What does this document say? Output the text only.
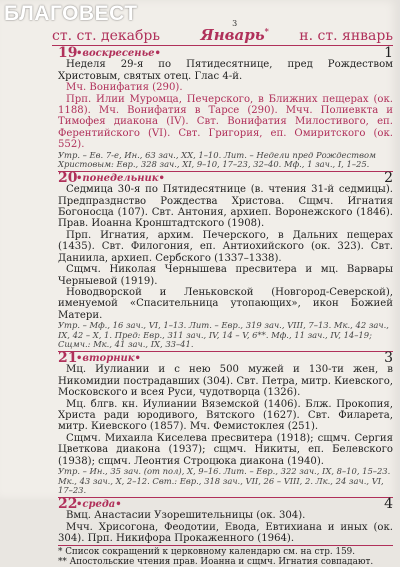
БЛАГОВЕСТ
ст. ст. декабрь
3
Январь* н. ст. январь
19
•воскресенье•	1

Неделя 29-я по Пятидесятнице, пред Рождеством Христовым, святых отец. Глас 4-й.

Мч. Вонифатия (290).

Прп. Илии Муромца, Печерского, в Ближних пещерах (ок. 1188). Мч. Вонифатия в Тарсе (290). Мчч. Полиевкта и Тимофея диакона (IV). Свт. Вонифатия Милостивого, еп. Ферентийского (VI). Свт. Григория, еп. Омиритского (ок. 552).

Утр. – Ев. 7-е, Ин., 63 зач., XX, 1–10. Лит. – Недели пред Рождеством Христовым: Евр., 328 зач., XI, 9–10, 17–23, 32–40. Мф., 1 зач., I, 1–25.

20
•понедельник•	2

Седмица 30-я по Пятидесятнице (в. чтения 31-й седмицы). Предпразднство Рождества Христова. Сщмч. Игнатия Богоносца (107). Свт. Антония, архиеп. Воронежского (1846). Прав. Иоанна Кронштадтского (1908).

Прп. Игнатия, архим. Печерского, в Дальних пещерах (1435). Свт. Филогония, еп. Антиохийского (ок. 323). Свт. Даниила, архиеп. Сербского (1337–1338).

Сщмч. Николая Чернышева пресвитера и мц. Варвары Черныевой (1919).

Новодворской и Леньковской (Новгород-Северской), именуемой «Спасительница утопающих», икон Божией Матери.

Утр. – Мф., 16 зач., VI, 1–13. Лит. – Евр., 319 зач., VIII, 7–13. Мк., 42 зач., IX, 42 – X, 1. Пред: Евр., 311 зач., IV, 14 – V, 6**. Мф., 11 зач., IV, 14–19; Сщмч.: Мк., 41 зач., IX, 33–41.

21
•вторник•	3

Мц. Иулиании и с нею 500 мужей и 130-ти жен, в Никомидии пострадавших (304). Свт. Петра, митр. Киевского, Московского и всея Руси, чудотворца (1326).

Мц. блгв. кн. Иулиании Вяземской (1406). Блж. Прокопия, Христа ради юродивого, Вятского (1627). Свт. Филарета, митр. Киевского (1857). Мч. Фемистоклея (251).

Сщмч. Михаила Киселева пресвитера (1918); сщмч. Сергия Цветкова диакона (1937); сщмч. Никиты, еп. Белевского (1938); сщмч. Леонтия Строцюка диакона (1940).

Утр. – Ин., 35 зач. (от пол), X, 9–16. Лит. – Евр., 322 зач., IX, 8–10, 15–23. Мк., 43 зач., X, 2–12. Свт.: Евр., 318 зач., VII, 26 – VIII, 2. Лк., 24 зач., VI, 17–23.

22
•среда•	4

Вмц. Анастасии Узорешительницы (ок. 304).

Мчч. Хрисогона, Феодотии, Евода, Евтихиана и иных (ок. 304). Прп. Никифора Прокаженного (1964).

* Список сокращений к церковному календарю см. на стр. 159.

** Апостольские чтения прав. Иоанна и сщмч. Игнатия совпадают.
